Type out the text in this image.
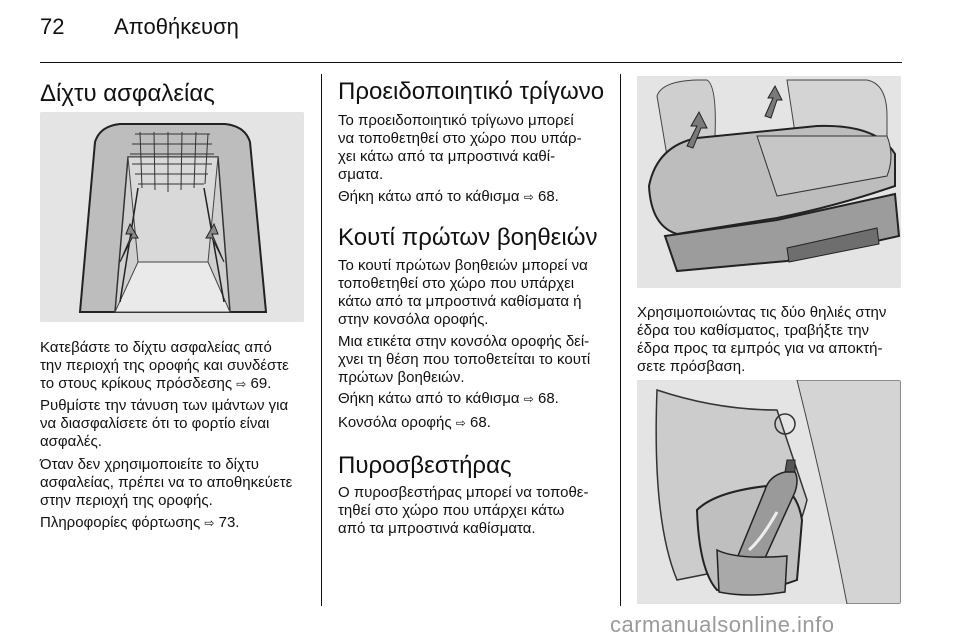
72 Αποθήκευση
Δίχτυ ασφαλείας

Κατεβάστε το δίχτυ ασφαλείας από
την περιοχή της οροφής και συνδέστε
το στους κρίκους πρόσδεσης ⇨ 69.

Ρυθμίστε την τάνυση των ιμάντων για
να διασφαλίσετε ότι το φορτίο είναι
ασφαλές.

Όταν δεν χρησιμοποιείτε το δίχτυ
ασφαλείας, πρέπει να το αποθηκεύετε
στην περιοχή της οροφής.

Πληροφορίες φόρτωσης ⇨ 73.

Προειδοποιητικό τρίγωνο

Το προειδοποιητικό τρίγωνο μπορεί
να τοποθετηθεί στο χώρο που υπάρ-
χει κάτω από τα μπροστινά καθί-
σματα.

Θήκη κάτω από το κάθισμα ⇨ 68.

Κουτί πρώτων βοηθειών

Το κουτί πρώτων βοηθειών μπορεί να
τοποθετηθεί στο χώρο που υπάρχει
κάτω από τα μπροστινά καθίσματα ή
στην κονσόλα οροφής.

Μια ετικέτα στην κονσόλα οροφής δεί-
χνει τη θέση που τοποθετείται το κουτί
πρώτων βοηθειών.

Θήκη κάτω από το κάθισμα ⇨ 68.

Κονσόλα οροφής ⇨ 68.

Πυροσβεστήρας

Ο πυροσβεστήρας μπορεί να τοποθε-
τηθεί στο χώρο που υπάρχει κάτω
από τα μπροστινά καθίσματα.

Χρησιμοποιώντας τις δύο θηλιές στην
έδρα του καθίσματος, τραβήξτε την
έδρα προς τα εμπρός για να αποκτή-
σετε πρόσβαση.

carmanualsonline.info
